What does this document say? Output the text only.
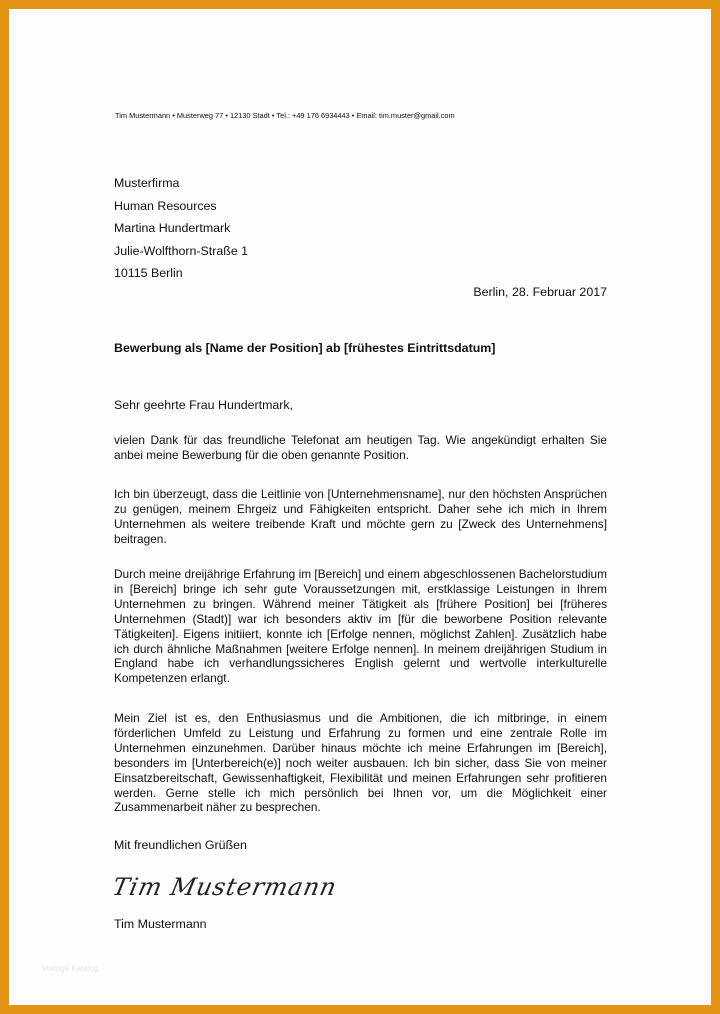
Tim Mustermann • Musterweg 77 • 12130 Stadt • Tel.: +49 176 6934443 • Email: tim.muster@gmail.com
Musterfirma
Human Resources
Martina Hundertmark
Julie-Wolfthorn-Straße 1
10115 Berlin
Berlin, 28. Februar 2017
Bewerbung als [Name der Position] ab [frühestes Eintrittsdatum]
Sehr geehrte Frau Hundertmark,
vielen Dank für das freundliche Telefonat am heutigen Tag. Wie angekündigt erhalten Sie anbei meine Bewerbung für die oben genannte Position.
Ich bin überzeugt, dass die Leitlinie von [Unternehmensname], nur den höchsten Ansprüchen zu genügen, meinem Ehrgeiz und Fähigkeiten entspricht. Daher sehe ich mich in Ihrem Unternehmen als weitere treibende Kraft und möchte gern zu [Zweck des Unternehmens] beitragen.
Durch meine dreijährige Erfahrung im [Bereich] und einem abgeschlossenen Bachelorstudium in [Bereich] bringe ich sehr gute Voraussetzungen mit, erstklassige Leistungen in Ihrem Unternehmen zu bringen. Während meiner Tätigkeit als [frühere Position] bei [früheres Unternehmen (Stadt)] war ich besonders aktiv im [für die beworbene Position relevante Tätigkeiten]. Eigens initiiert, konnte ich [Erfolge nennen, möglichst Zahlen]. Zusätzlich habe ich durch ähnliche Maßnahmen [weitere Erfolge nennen]. In meinem dreijährigen Studium in England habe ich verhandlungssicheres English gelernt und wertvolle interkulturelle Kompetenzen erlangt.
Mein Ziel ist es, den Enthusiasmus und die Ambitionen, die ich mitbringe, in einem förderlichen Umfeld zu Leistung und Erfahrung zu formen und eine zentrale Rolle im Unternehmen einzunehmen. Darüber hinaus möchte ich meine Erfahrungen im [Bereich], besonders im [Unterbereich(e)] noch weiter ausbauen. Ich bin sicher, dass Sie von meiner Einsatzbereitschaft, Gewissenhaftigkeit, Flexibilität und meinen Erfahrungen sehr profitieren werden. Gerne stelle ich mich persönlich bei Ihnen vor, um die Möglichkeit einer Zusammenarbeit näher zu besprechen.
Mit freundlichen Grüßen
Tim Mustermann
Tim Mustermann
Vorlage Katalog
